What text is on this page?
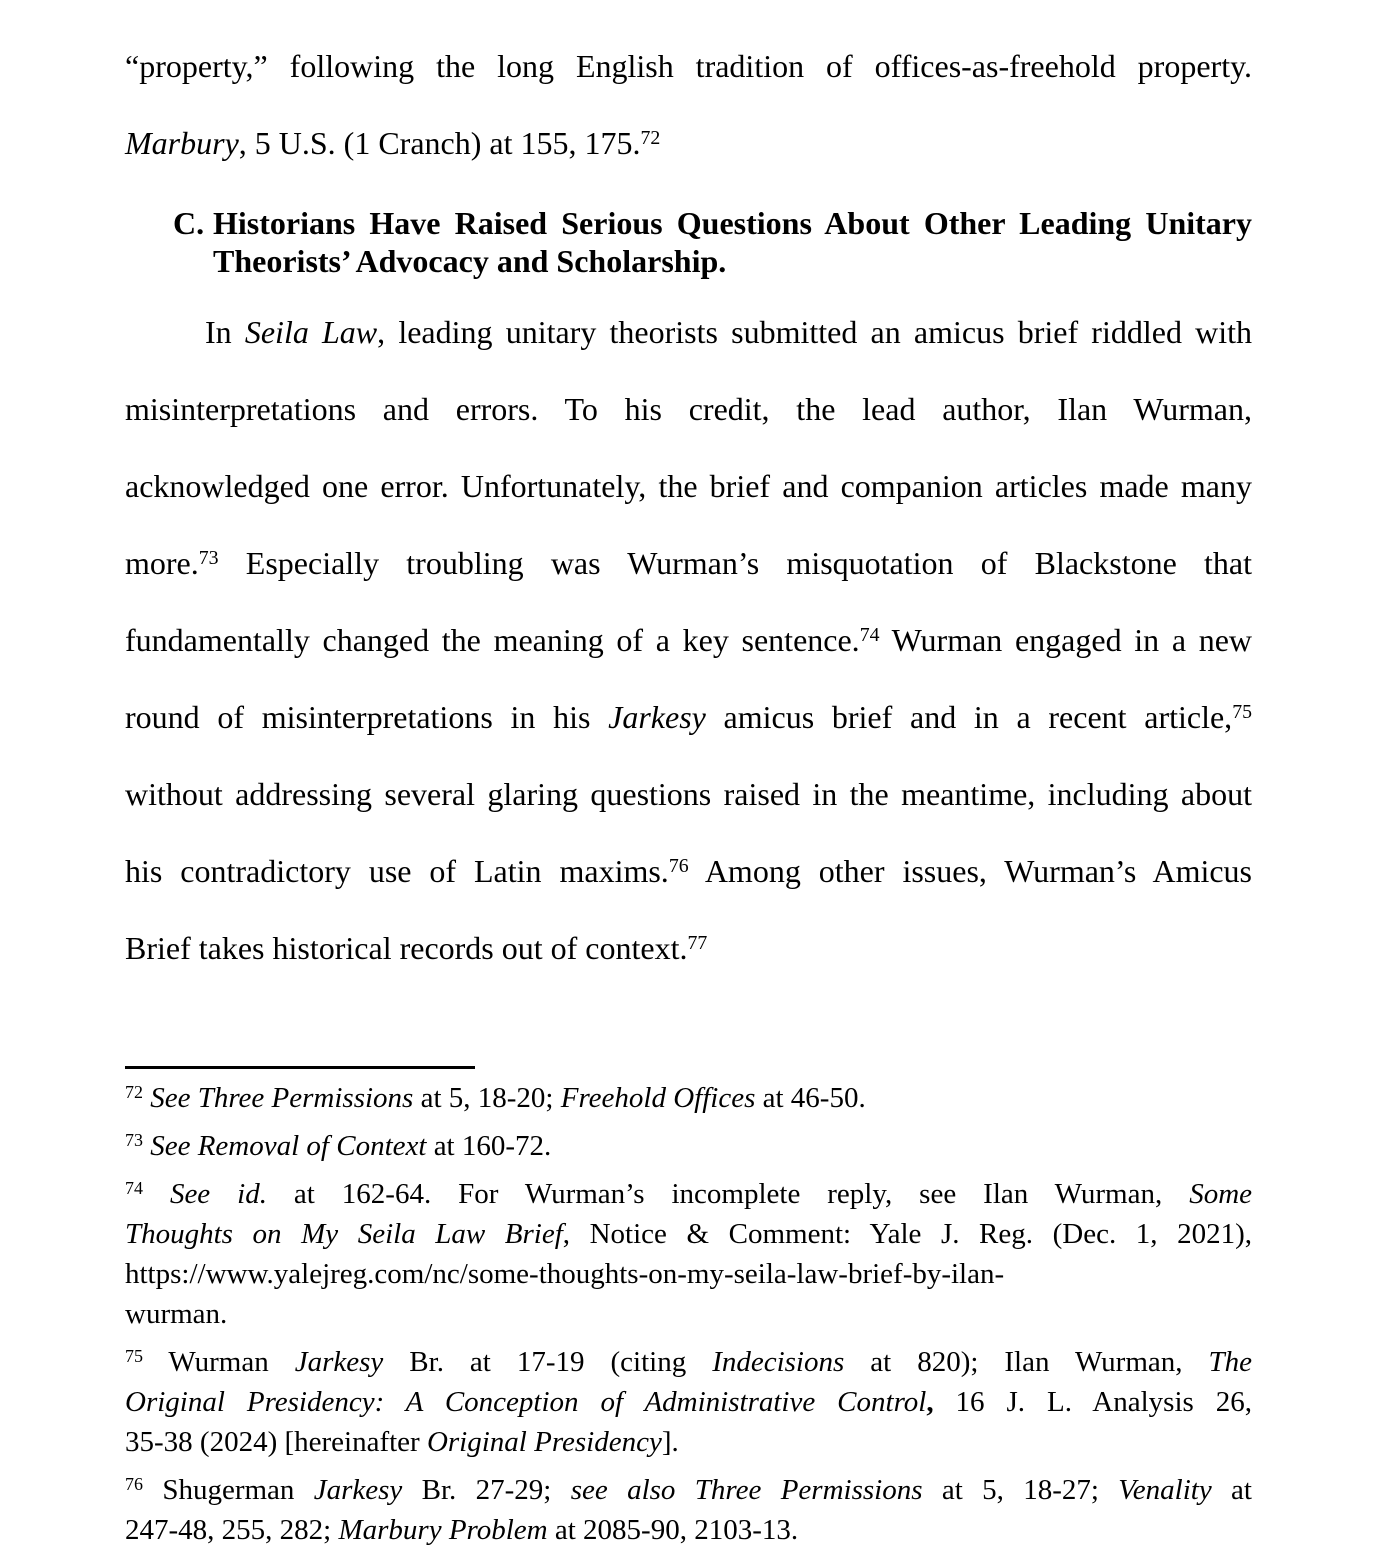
“property,” following the long English tradition of offices-as-freehold property.
Marbury, 5 U.S. (1 Cranch) at 155, 175.72
C. Historians Have Raised Serious Questions About Other Leading Unitary
Theorists’ Advocacy and Scholarship.
In Seila Law, leading unitary theorists submitted an amicus brief riddled with
misinterpretations and errors. To his credit, the lead author, Ilan Wurman,
acknowledged one error. Unfortunately, the brief and companion articles made many
more.$^{73}$ Especially troubling was Wurman’s misquotation of Blackstone that
fundamentally changed the meaning of a key sentence.$^{74}$ Wurman engaged in a new
round of misinterpretations in his Jarkesy amicus brief and in a recent article,$^{75}$
without addressing several glaring questions raised in the meantime, including about
his contradictory use of Latin maxims.$^{76}$ Among other issues, Wurman’s Amicus
Brief takes historical records out of context.$^{77}$
$^{72}$ See Three Permissions at 5, 18-20; Freehold Offices at 46-50.
$^{73}$ See Removal of Context at 160-72.
$^{74}$ See id. at 162-64. For Wurman’s incomplete reply, see Ilan Wurman, Some
Thoughts on My Seila Law Brief, Notice & Comment: Yale J. Reg. (Dec. 1, 2021),
https://www.yalejreg.com/nc/some-thoughts-on-my-seila-law-brief-by-ilan-
wurman.
$^{75}$ Wurman Jarkesy Br. at 17-19 (citing Indecisions at 820); Ilan Wurman, The
Original Presidency: A Conception of Administrative Control, 16 J. L. Analysis 26,
35-38 (2024) [hereinafter Original Presidency].
$^{76}$ Shugerman Jarkesy Br. 27-29; see also Three Permissions at 5, 18-27; Venality at
247-48, 255, 282; Marbury Problem at 2085-90, 2103-13.
